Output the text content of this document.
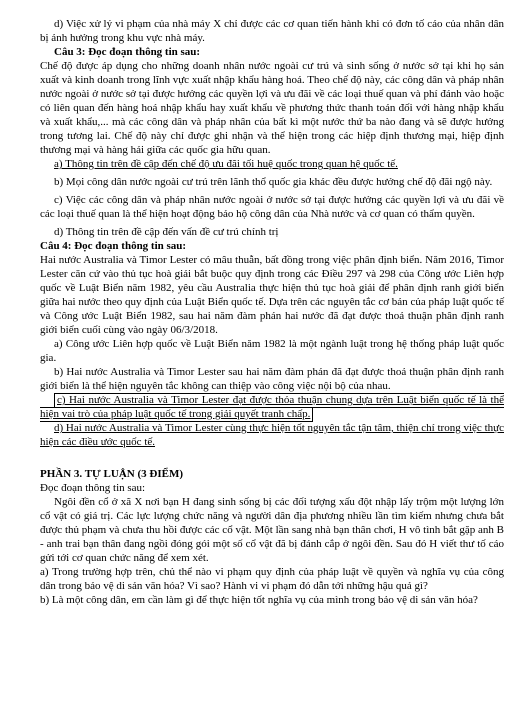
d) Việc xử lý vi phạm của nhà máy X chỉ được các cơ quan tiến hành khi có đơn tố cáo của nhân dân bị ảnh hưởng trong khu vực nhà máy.

Câu 3: Đọc đoạn thông tin sau:

Chế độ được áp dụng cho những doanh nhân nước ngoài cư trú và sinh sống ở nước sở tại khi họ sản xuất và kinh doanh trong lĩnh vực xuất nhập khẩu hàng hoá. Theo chế độ này, các công dân và pháp nhân nước ngoài ở nước sở tại được hưởng các quyền lợi và ưu đãi về các loại thuế quan và phí đánh vào hoặc có liên quan đến hàng hoá nhập khẩu hay xuất khẩu về phương thức thanh toán đối với hàng nhập khẩu và xuất khẩu,... mà các công dân và pháp nhân của bất kì một nước thứ ba nào đang và sẽ được hưởng trong tương lai. Chế độ này chỉ được ghi nhận và thể hiện trong các hiệp định thương mại, hiệp định thương mại và hàng hải giữa các quốc gia hữu quan.

a) Thông tin trên đề cập đến chế độ ưu đãi tối huệ quốc trong quan hệ quốc tế.

b) Mọi công dân nước ngoài cư trú trên lãnh thổ quốc gia khác đều được hưởng chế độ đãi ngộ này.

c) Việc các công dân và pháp nhân nước ngoài ở nước sở tại được hưởng các quyền lợi và ưu đãi về các loại thuế quan là thể hiện hoạt động bảo hộ công dân của Nhà nước và cơ quan có thẩm quyền.

d) Thông tin trên đề cập đến vấn đề cư trú chính trị

Câu 4: Đọc đoạn thông tin sau:

Hai nước Australia và Timor Lester có mâu thuẫn, bất đồng trong việc phân định biển. Năm 2016, Timor Lester căn cứ vào thủ tục hoà giải bắt buộc quy định trong các Điều 297 và 298 của Công ước Liên hợp quốc về Luật Biển năm 1982, yêu cầu Australia thực hiện thủ tục hoà giải để phân định ranh giới biển giữa hai nước theo quy định của Luật Biển quốc tế. Dựa trên các nguyên tắc cơ bản của pháp luật quốc tế và Công ước Luật Biển 1982, sau hai năm đàm phán hai nước đã đạt được thoả thuận phân định ranh giới biển cuối cùng vào ngày 06/3/2018.

a) Công ước Liên hợp quốc về Luật Biển năm 1982 là một ngành luật trong hệ thống pháp luật quốc gia.

b) Hai nước Australia và Timor Lester sau hai năm đàm phán đã đạt được thoả thuận phân định ranh giới biển là thể hiện nguyên tắc không can thiệp vào công việc nội bộ của nhau.

c) Hai nước Australia và Timor Lester đạt được thỏa thuận chung dựa trên Luật biển quốc tế là thể hiện vai trò của pháp luật quốc tế trong giải quyết tranh chấp.

d) Hai nước Australia và Timor Lester cùng thực hiện tốt nguyên tắc tận tâm, thiện chí trong việc thực hiện các điều ước quốc tế.

PHẦN 3. TỰ LUẬN (3 ĐIỂM)

Đọc đoạn thông tin sau:

Ngôi đền cổ ở xã X nơi bạn H đang sinh sống bị các đối tượng xấu đột nhập lấy trộm một lượng lớn cổ vật có giá trị. Các lực lượng chức năng và người dân địa phương nhiều lần tìm kiếm nhưng chưa bắt được thủ phạm và chưa thu hồi được các cổ vật. Một lần sang nhà bạn thân chơi, H vô tình bắt gặp anh B - anh trai bạn thân đang ngồi đóng gói một số cổ vật đã bị đánh cắp ở ngôi đền. Sau đó H viết thư tố cáo gửi tới cơ quan chức năng để xem xét.

a) Trong trường hợp trên, chủ thể nào vi phạm quy định của pháp luật về quyền và nghĩa vụ của công dân trong bảo vệ di sản văn hóa? Vì sao? Hành vi vi phạm đó dẫn tới những hậu quả gì?

b) Là một công dân, em cần làm gì để thực hiện tốt nghĩa vụ của mình trong bảo vệ di sản văn hóa?
